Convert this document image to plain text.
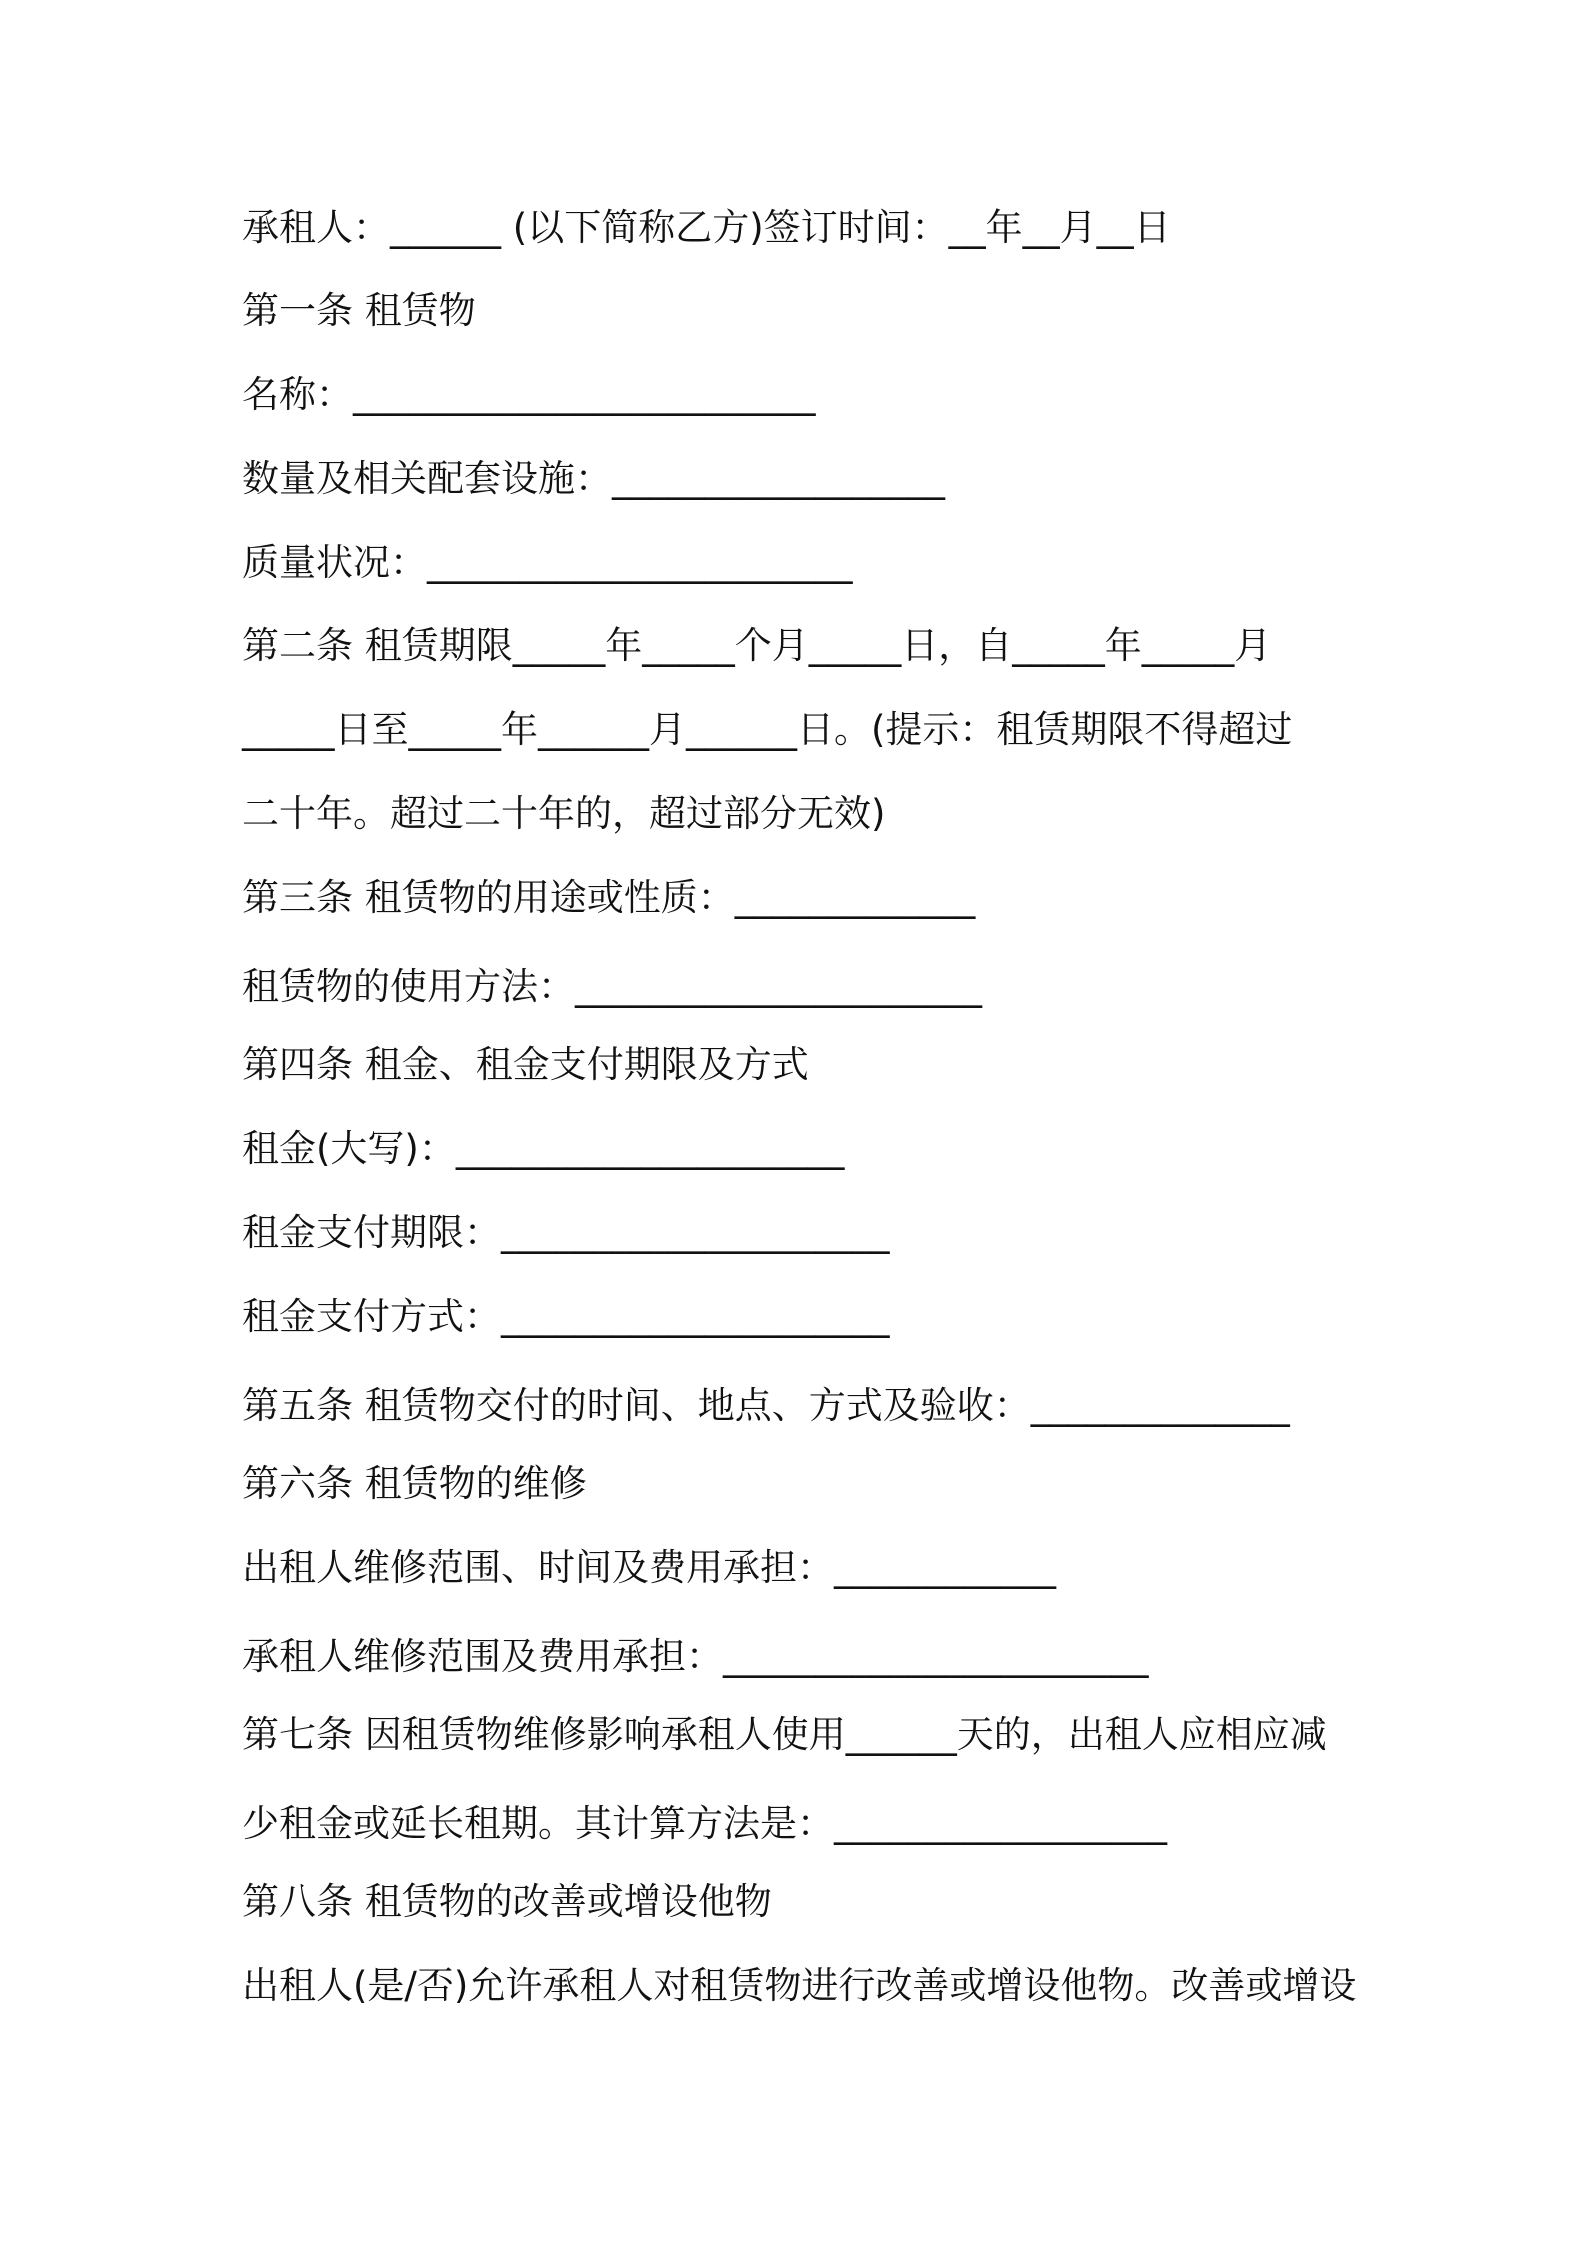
承租人：______ (以下简称乙方)签订时间：__年__月__日
第一条 租赁物
名称：_________________________
数量及相关配套设施：__________________
质量状况：_______________________
第二条 租赁期限_____年_____个月_____日，自_____年_____月
_____日至_____年______月______日。(提示：租赁期限不得超过
二十年。超过二十年的，超过部分无效)
第三条 租赁物的用途或性质：_____________
租赁物的使用方法：______________________
第四条 租金、租金支付期限及方式
租金(大写)：_____________________
租金支付期限：_____________________
租金支付方式：_____________________
第五条 租赁物交付的时间、地点、方式及验收：______________
第六条 租赁物的维修
出租人维修范围、时间及费用承担：____________
承租人维修范围及费用承担：_______________________
第七条 因租赁物维修影响承租人使用______天的，出租人应相应减
少租金或延长租期。其计算方法是：__________________
第八条 租赁物的改善或增设他物
出租人(是/否)允许承租人对租赁物进行改善或增设他物。改善或增设
